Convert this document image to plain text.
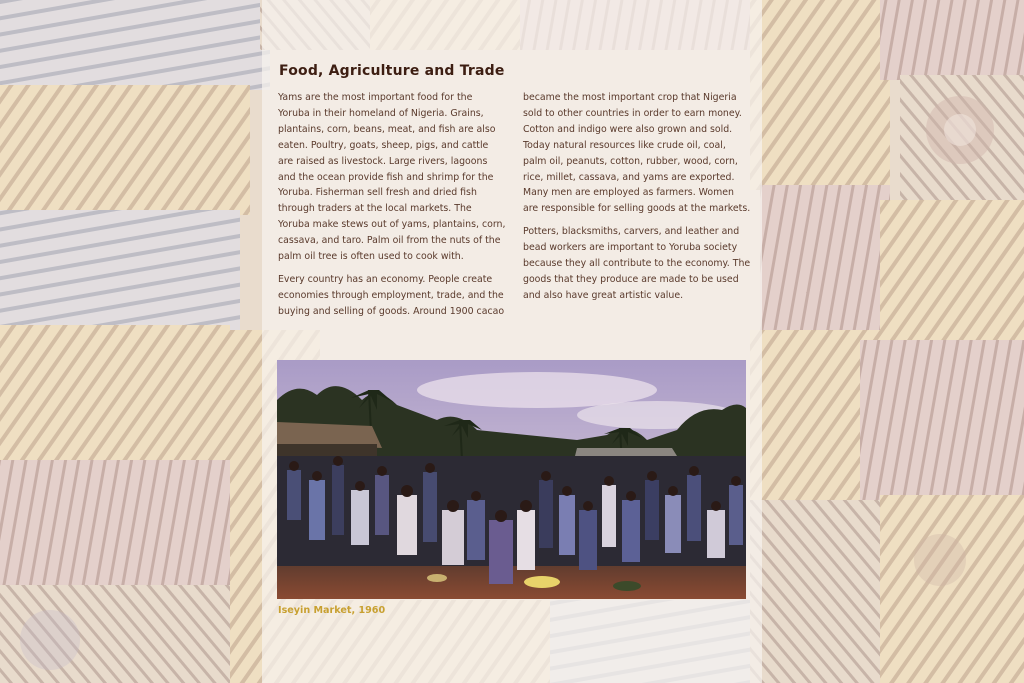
Food, Agriculture and Trade

Yams are the most important food for the Yoruba in their homeland of Nigeria. Grains, plantains, corn, beans, meat, and fish are also eaten. Poultry, goats, sheep, pigs, and cattle are raised as livestock. Large rivers, lagoons and the ocean provide fish and shrimp for the Yoruba. Fisherman sell fresh and dried fish through traders at the local markets. The Yoruba make stews out of yams, plantains, corn, cassava, and taro. Palm oil from the nuts of the palm oil tree is often used to cook with.

Every country has an economy. People create economies through employment, trade, and the buying and selling of goods. Around 1900 cacao

became the most important crop that Nigeria sold to other countries in order to earn money. Cotton and indigo were also grown and sold. Today natural resources like crude oil, coal, palm oil, peanuts, cotton, rubber, wood, corn, rice, millet, cassava, and yams are exported. Many men are employed as farmers. Women are responsible for selling goods at the markets.

Potters, blacksmiths, carvers, and leather and bead workers are important to Yoruba society because they all contribute to the economy. The goods that they produce are made to be used and also have great artistic value.

Iseyin Market, 1960
